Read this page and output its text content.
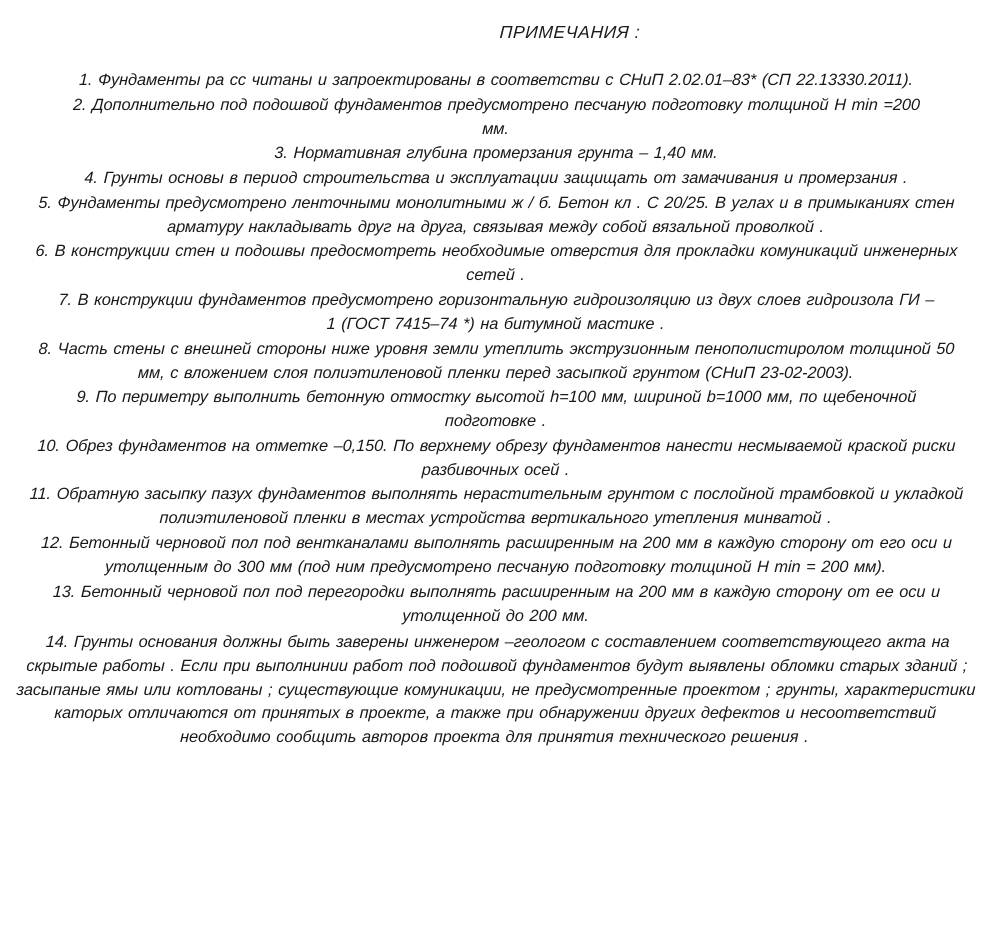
ПРИМЕЧАНИЯ :

1. Фундаменты ра сс читаны и запроектированы в соответстви с СНиП 2.02.01–83* (СП 22.13330.2011).

2. Дополнительно под подошвой фундаментов предусмотрено песчаную подготовку толщиной Н min =200 мм.

3. Нормативная глубина промерзания грунта – 1,40 мм.

4. Грунты основы в период строительства и эксплуатации защищать от замачивания и промерзания .

5. Фундаменты предусмотрено ленточными монолитными ж / б. Бетон кл . С 20/25. В углах и в примыканиях стен арматуру накладывать друг на друга, связывая между собой вязальной проволкой .

6. В конструкции стен и подошвы предосмотреть необходимые отверстия для прокладки комуникаций инженерных сетей .

7. В конструкции фундаментов предусмотрено горизонтальную гидроизоляцию из двух слоев гидроизола ГИ –1 (ГОСТ 7415–74 *) на битумной мастике .

8. Часть стены с внешней стороны ниже уровня земли утеплить экструзионным пенополистиролом толщиной 50 мм, с вложением слоя полиэтиленовой пленки перед засыпкой грунтом (СНиП 23-02-2003).

9. По периметру выполнить бетонную отмостку высотой h=100 мм, шириной b=1000 мм, по щебеночной подготовке .

10. Обрез фундаментов на отметке –0,150. По верхнему обрезу фундаментов нанести несмываемой краской риски разбивочных осей .

11. Обратную засыпку пазух фундаментов выполнять нерастительным грунтом с послойной трамбовкой и укладкой полиэтиленовой пленки в местах устройства вертикального утепления минватой .

12. Бетонный черновой пол под вентканалами выполнять расширенным на 200 мм в каждую сторону от его оси и утолщенным до 300 мм (под ним предусмотрено песчаную подготовку толщиной Н min = 200 мм).

13. Бетонный черновой пол под перегородки выполнять расширенным на 200 мм в каждую сторону от ее оси и утолщенной до 200 мм.

14. Грунты основания должны быть заверены инженером –геологом с составлением соответствующего акта на скрытые работы . Если при выполнинии работ под подошвой фундаментов будут выявлены обломки старых зданий ; засыпаные ямы или котлованы ; существующие комуникации, не предусмотренные проектом ; грунты, характеристики каторых отличаются от принятых в проекте, а также при обнаружении других дефектов и несоответствий необходимо сообщить авторов проекта для принятия технического решения .
